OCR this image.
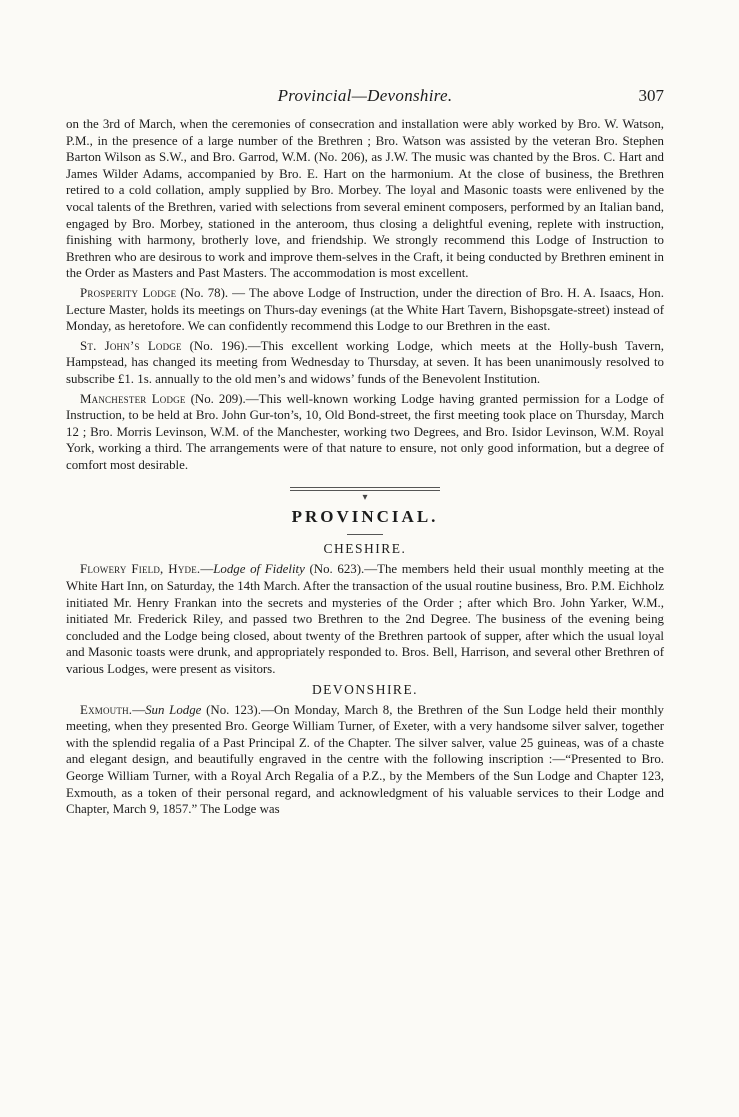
Provincial—Devonshire.	307

on the 3rd of March, when the ceremonies of consecration and installation were ably worked by Bro. W. Watson, P.M., in the presence of a large number of the Brethren ; Bro. Watson was assisted by the veteran Bro. Stephen Barton Wilson as S.W., and Bro. Garrod, W.M. (No. 206), as J.W. The music was chanted by the Bros. C. Hart and James Wilder Adams, accompanied by Bro. E. Hart on the harmonium. At the close of business, the Brethren retired to a cold collation, amply supplied by Bro. Morbey. The loyal and Masonic toasts were enlivened by the vocal talents of the Brethren, varied with selections from several eminent composers, performed by an Italian band, engaged by Bro. Morbey, stationed in the anteroom, thus closing a delightful evening, replete with instruction, finishing with harmony, brotherly love, and friendship. We strongly recommend this Lodge of Instruction to Brethren who are desirous to work and improve them-selves in the Craft, it being conducted by Brethren eminent in the Order as Masters and Past Masters. The accommodation is most excellent.

Prosperity Lodge (No. 78). — The above Lodge of Instruction, under the direction of Bro. H. A. Isaacs, Hon. Lecture Master, holds its meetings on Thurs-day evenings (at the White Hart Tavern, Bishopsgate-street) instead of Monday, as heretofore. We can confidently recommend this Lodge to our Brethren in the east.

St. John’s Lodge (No. 196).—This excellent working Lodge, which meets at the Holly-bush Tavern, Hampstead, has changed its meeting from Wednesday to Thursday, at seven. It has been unanimously resolved to subscribe £1. 1s. annually to the old men’s and widows’ funds of the Benevolent Institution.

Manchester Lodge (No. 209).—This well-known working Lodge having granted permission for a Lodge of Instruction, to be held at Bro. John Gur-ton’s, 10, Old Bond-street, the first meeting took place on Thursday, March 12 ; Bro. Morris Levinson, W.M. of the Manchester, working two Degrees, and Bro. Isidor Levinson, W.M. Royal York, working a third. The arrangements were of that nature to ensure, not only good information, but a degree of comfort most desirable.

▾
PROVINCIAL.
CHESHIRE.

Flowery Field, Hyde.—Lodge of Fidelity (No. 623).—The members held their usual monthly meeting at the White Hart Inn, on Saturday, the 14th March. After the transaction of the usual routine business, Bro. P.M. Eichholz initiated Mr. Henry Frankan into the secrets and mysteries of the Order ; after which Bro. John Yarker, W.M., initiated Mr. Frederick Riley, and passed two Brethren to the 2nd Degree. The business of the evening being concluded and the Lodge being closed, about twenty of the Brethren partook of supper, after which the usual loyal and Masonic toasts were drunk, and appropriately responded to. Bros. Bell, Harrison, and several other Brethren of various Lodges, were present as visitors.

DEVONSHIRE.

Exmouth.—Sun Lodge (No. 123).—On Monday, March 8, the Brethren of the Sun Lodge held their monthly meeting, when they presented Bro. George William Turner, of Exeter, with a very handsome silver salver, together with the splendid regalia of a Past Principal Z. of the Chapter. The silver salver, value 25 guineas, was of a chaste and elegant design, and beautifully engraved in the centre with the following inscription :—“Presented to Bro. George William Turner, with a Royal Arch Regalia of a P.Z., by the Members of the Sun Lodge and Chapter 123, Exmouth, as a token of their personal regard, and acknowledgment of his valuable services to their Lodge and Chapter, March 9, 1857.” The Lodge was
